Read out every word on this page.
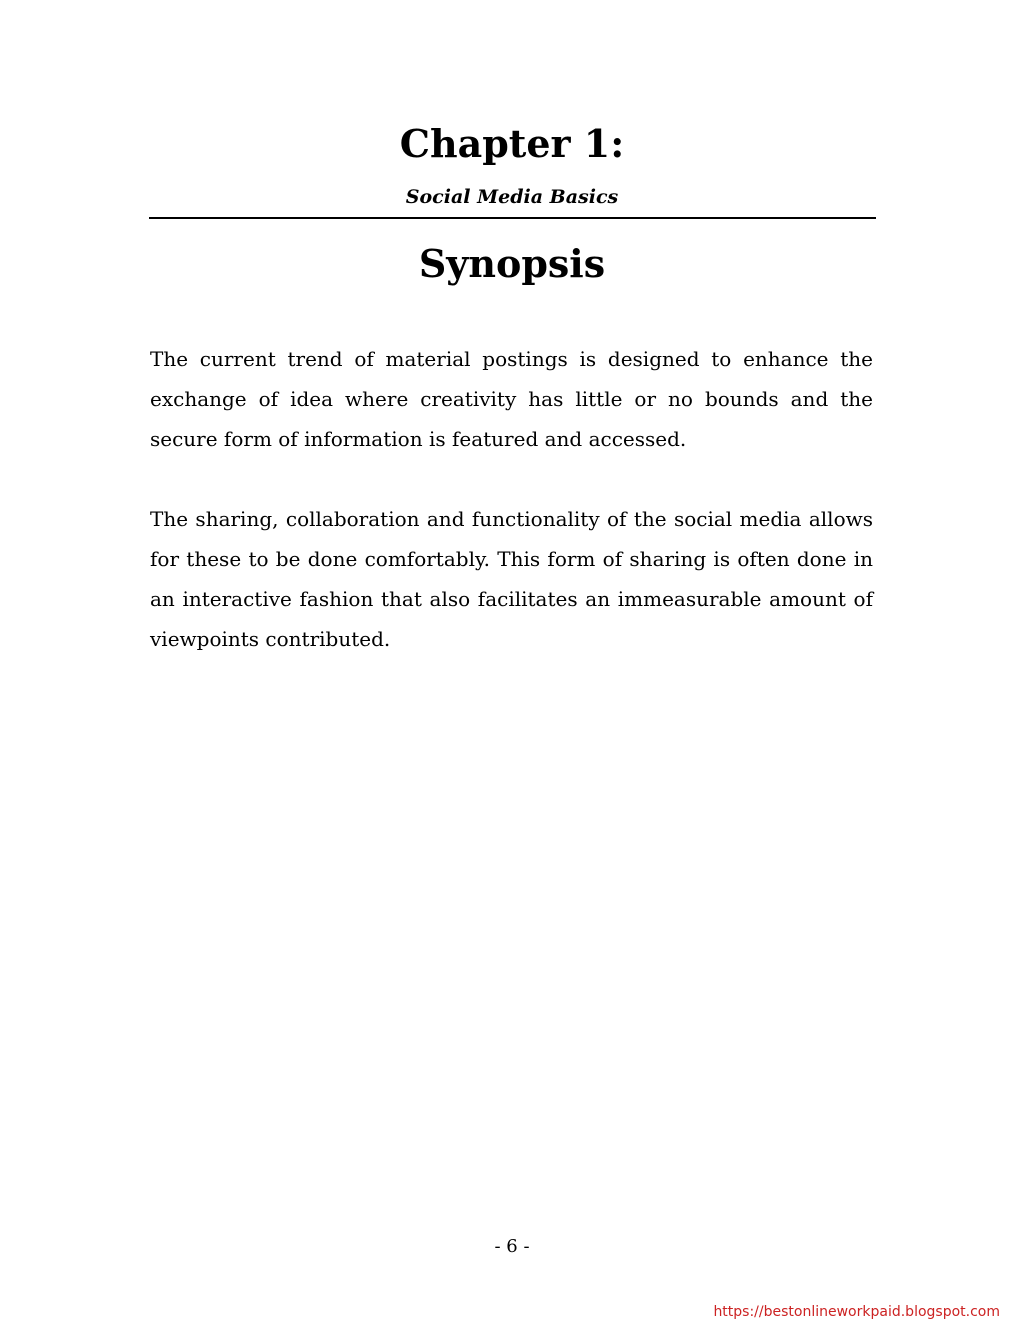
Chapter 1:
Social Media Basics
Synopsis

The current trend of material postings is designed to enhance the exchange of idea where creativity has little or no bounds and the secure form of information is featured and accessed.

The sharing, collaboration and functionality of the social media allows for these to be done comfortably. This form of sharing is often done in an interactive fashion that also facilitates an immeasurable amount of viewpoints contributed.

- 6 -
https://bestonlineworkpaid.blogspot.com
